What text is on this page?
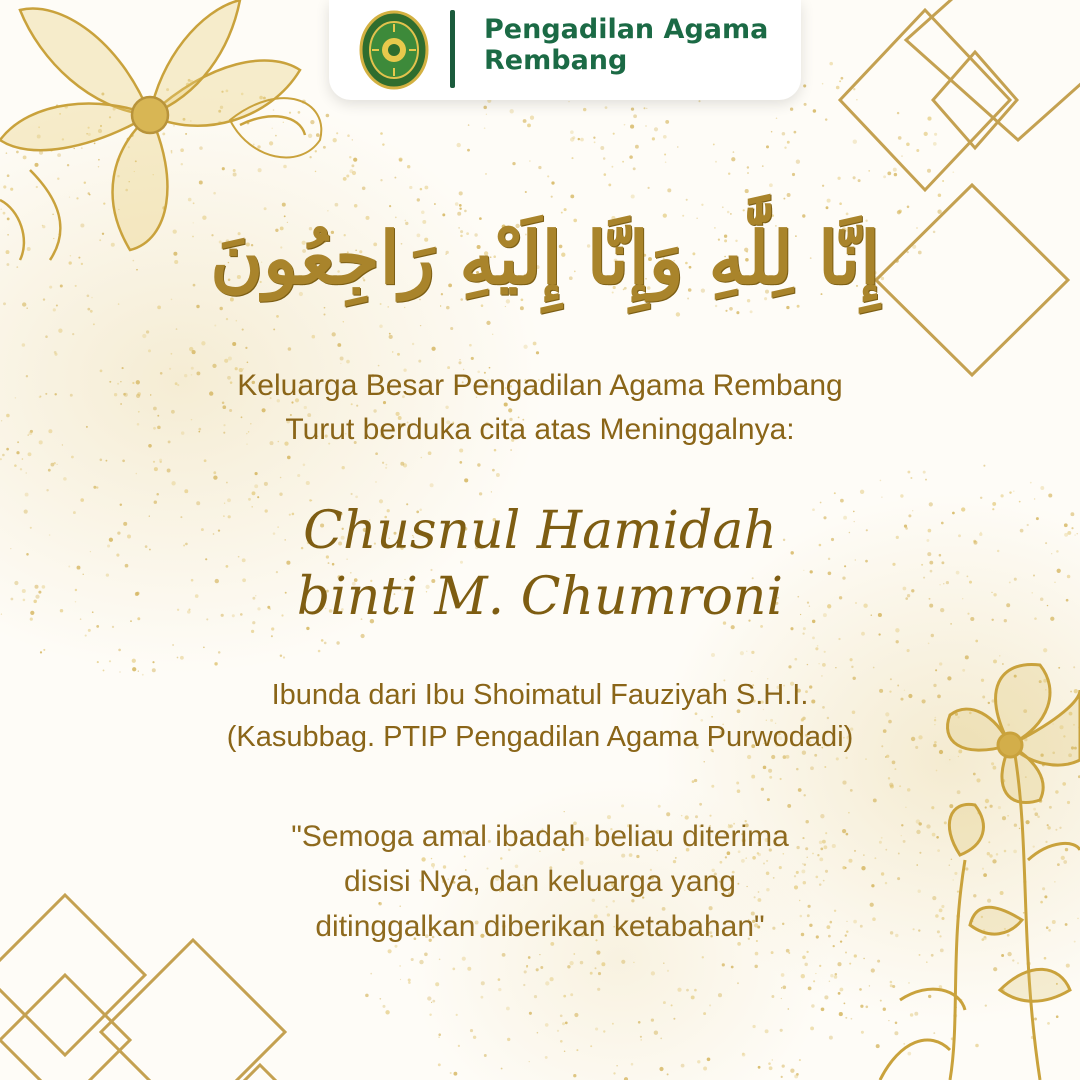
Pengadilan Agama
Rembang
إِنَّا لِلَّٰهِ وَإِنَّا إِلَيْهِ رَاجِعُونَ
Keluarga Besar Pengadilan Agama Rembang
Turut berduka cita atas Meninggalnya:
Chusnul Hamidah
binti M. Chumroni
Ibunda dari Ibu Shoimatul Fauziyah S.H.I.
(Kasubbag. PTIP Pengadilan Agama Purwodadi)
"Semoga amal ibadah beliau diterima
disisi Nya, dan keluarga yang
ditinggalkan diberikan ketabahan"
